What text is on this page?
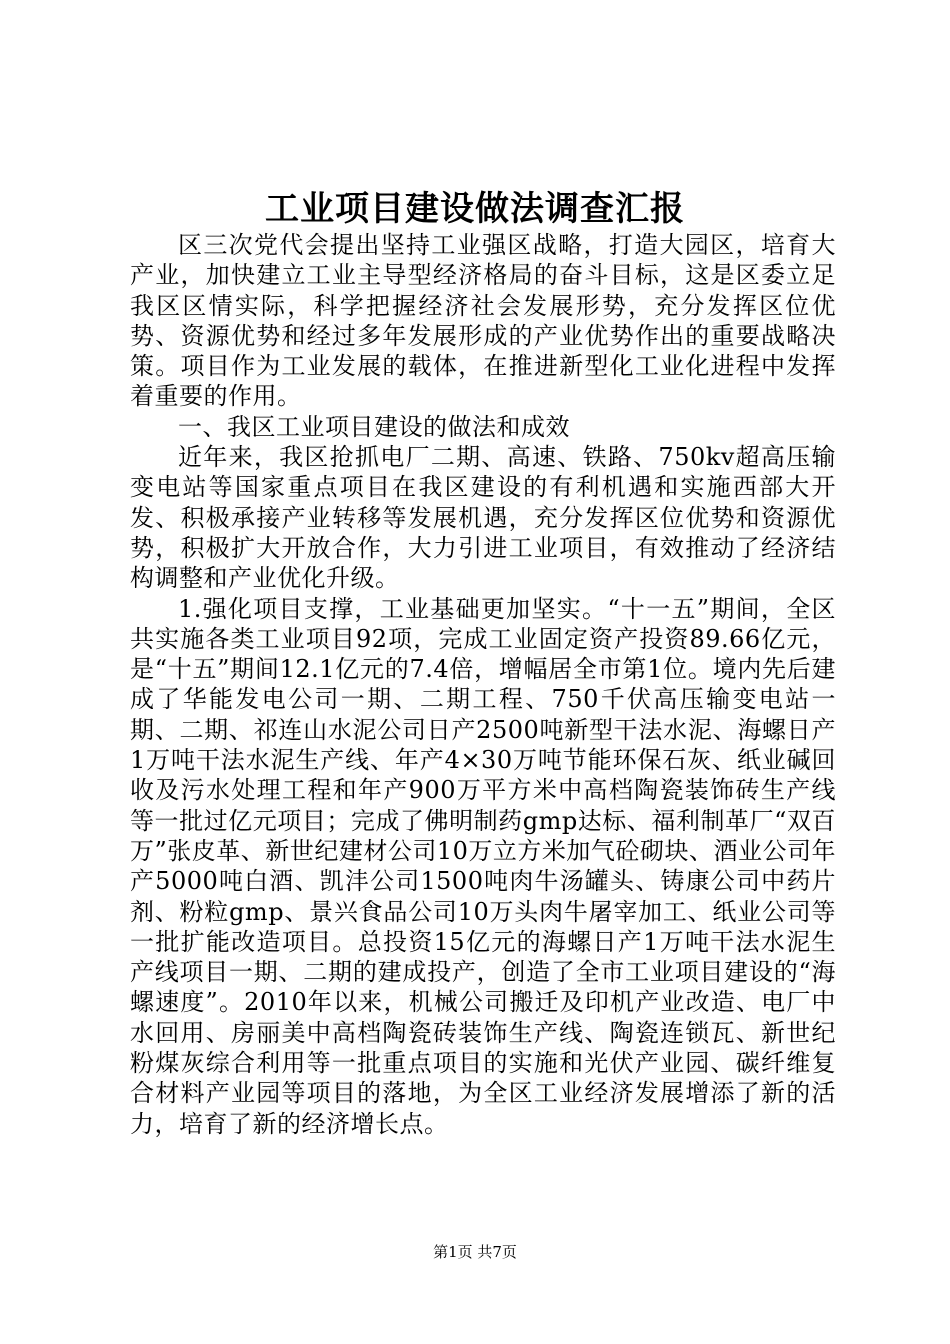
工业项目建设做法调查汇报

区三次党代会提出坚持工业强区战略，打造大园区，培育大产业，加快建立工业主导型经济格局的奋斗目标，这是区委立足我区区情实际，科学把握经济社会发展形势，充分发挥区位优势、资源优势和经过多年发展形成的产业优势作出的重要战略决策。项目作为工业发展的载体，在推进新型化工业化进程中发挥着重要的作用。

一、我区工业项目建设的做法和成效

近年来，我区抢抓电厂二期、高速、铁路、750kv超高压输变电站等国家重点项目在我区建设的有利机遇和实施西部大开发、积极承接产业转移等发展机遇，充分发挥区位优势和资源优势，积极扩大开放合作，大力引进工业项目，有效推动了经济结构调整和产业优化升级。

1.强化项目支撑，工业基础更加坚实。“十一五”期间，全区共实施各类工业项目92项，完成工业固定资产投资89.66亿元，是“十五”期间12.1亿元的7.4倍，增幅居全市第1位。境内先后建成了华能发电公司一期、二期工程、750千伏高压输变电站一期、二期、祁连山水泥公司日产2500吨新型干法水泥、海螺日产1万吨干法水泥生产线、年产4×30万吨节能环保石灰、纸业碱回收及污水处理工程和年产900万平方米中高档陶瓷装饰砖生产线等一批过亿元项目；完成了佛明制药gmp达标、福利制革厂“双百万”张皮革、新世纪建材公司10万立方米加气砼砌块、酒业公司年产5000吨白酒、凯沣公司1500吨肉牛汤罐头、铸康公司中药片剂、粉粒gmp、景兴食品公司10万头肉牛屠宰加工、纸业公司等一批扩能改造项目。总投资15亿元的海螺日产1万吨干法水泥生产线项目一期、二期的建成投产，创造了全市工业项目建设的“海螺速度”。2010年以来，机械公司搬迁及印机产业改造、电厂中水回用、房丽美中高档陶瓷砖装饰生产线、陶瓷连锁瓦、新世纪粉煤灰综合利用等一批重点项目的实施和光伏产业园、碳纤维复合材料产业园等项目的落地，为全区工业经济发展增添了新的活力，培育了新的经济增长点。

第1页 共7页
